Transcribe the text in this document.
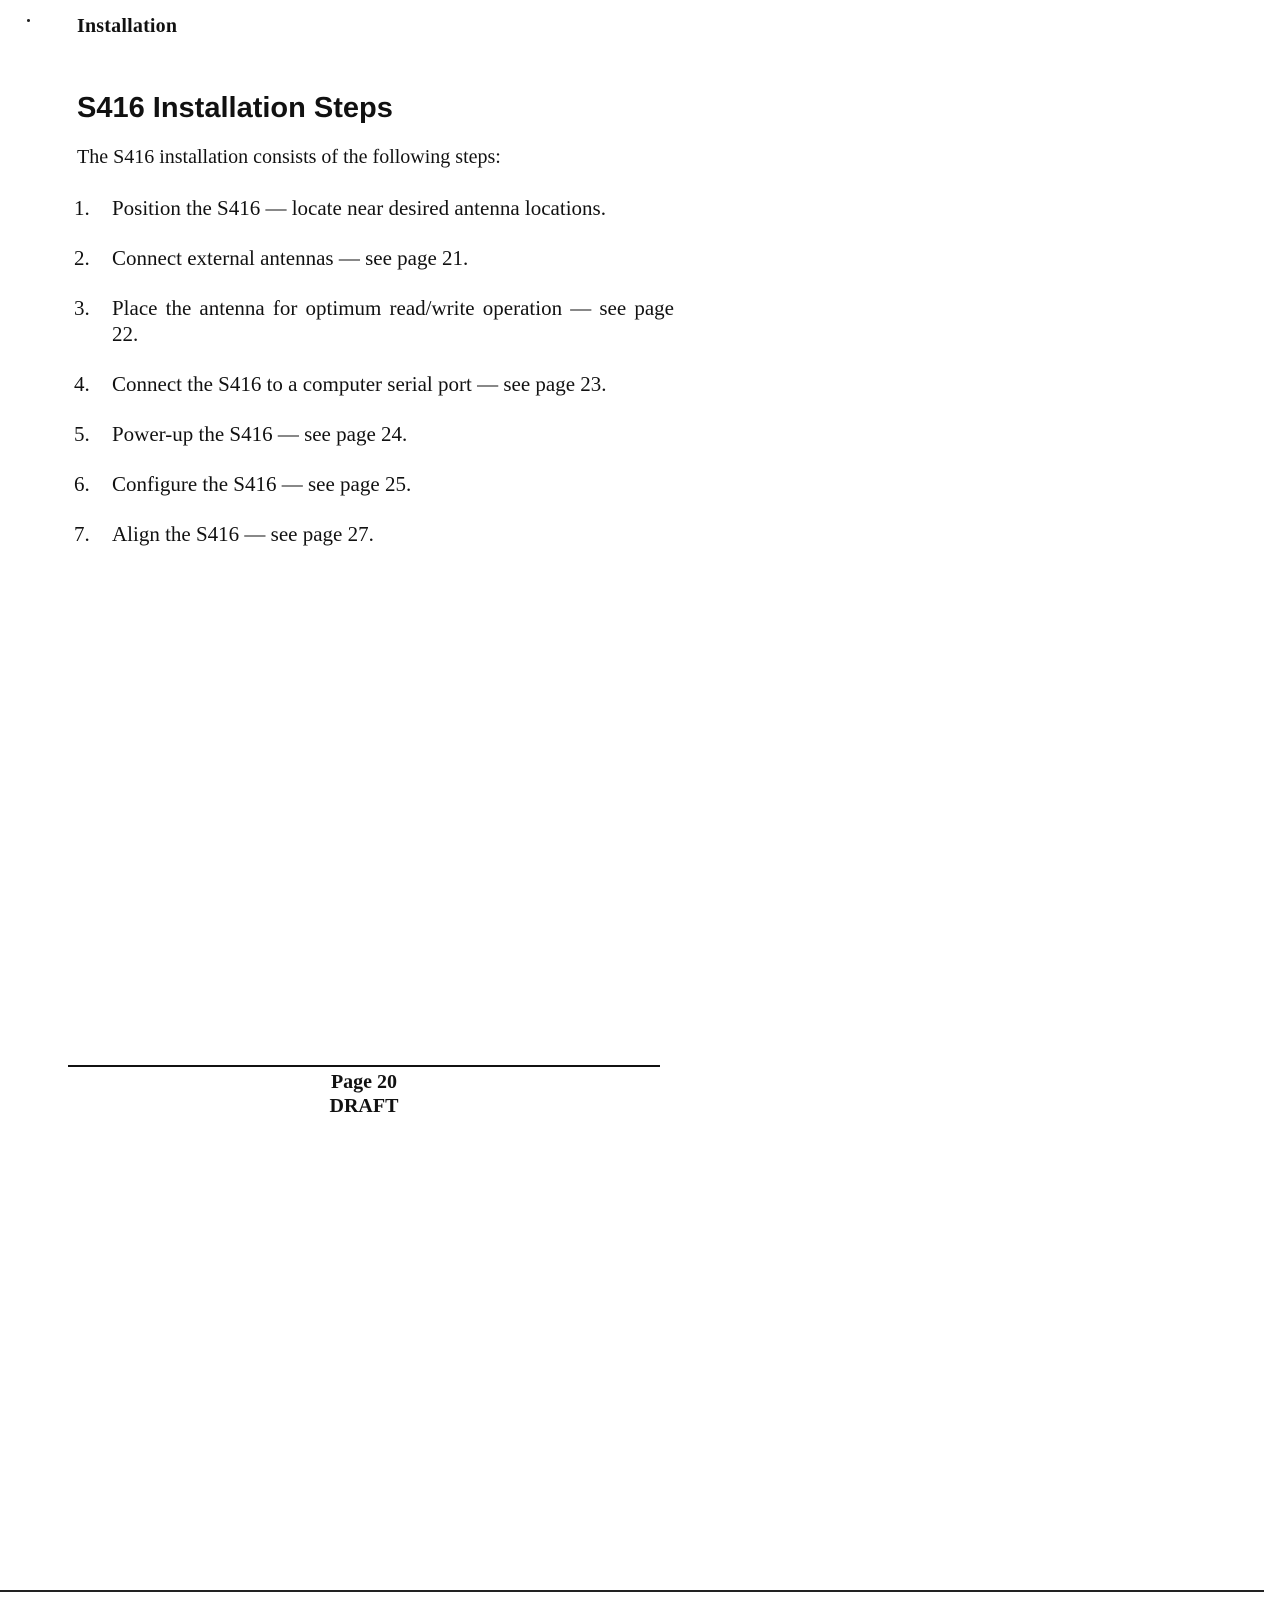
Installation
S416 Installation Steps

The S416 installation consists of the following steps:

1. Position the S416 — locate near desired antenna locations.
2. Connect external antennas — see page 21.
3. Place the antenna for optimum read/write operation — see page 22.
4. Connect the S416 to a computer serial port — see page 23.
5. Power-up the S416 — see page 24.
6. Configure the S416 — see page 25.
7. Align the S416 — see page 27.
Page 20
DRAFT
